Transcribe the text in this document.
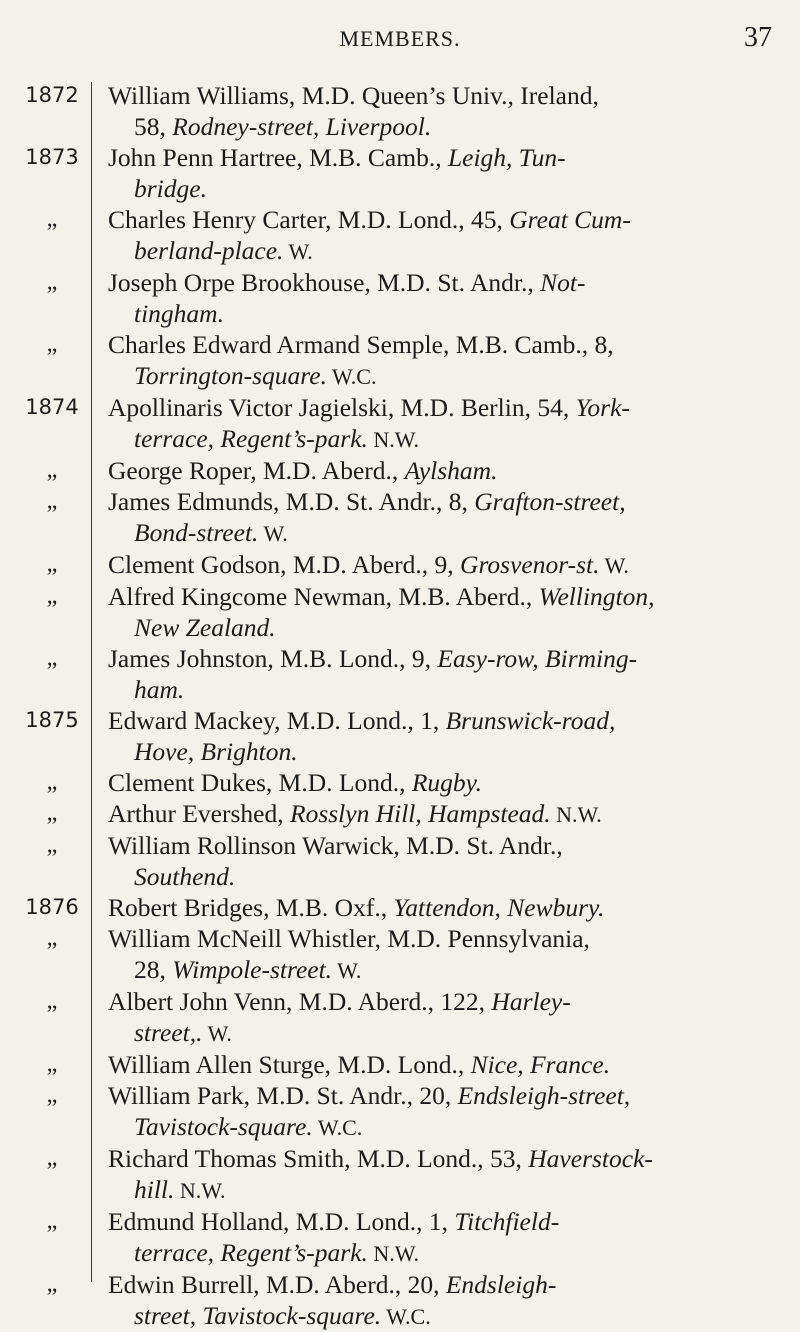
MEMBERS.	37
1872	William Williams, M.D. Queen’s Univ., Ireland,
58, Rodney-street, Liverpool.
1873	John Penn Hartree, M.B. Camb., Leigh, Tun-
bridge.
„	Charles Henry Carter, M.D. Lond., 45, Great Cum-
berland-place. W.
„	Joseph Orpe Brookhouse, M.D. St. Andr., Not-
tingham.
„	Charles Edward Armand Semple, M.B. Camb., 8,
Torrington-square. W.C.
1874	Apollinaris Victor Jagielski, M.D. Berlin, 54, York-
terrace, Regent’s-park. N.W.
„	George Roper, M.D. Aberd., Aylsham.
„	James Edmunds, M.D. St. Andr., 8, Grafton-street,
Bond-street. W.
„	Clement Godson, M.D. Aberd., 9, Grosvenor-st. W.
„	Alfred Kingcome Newman, M.B. Aberd., Wellington,
New Zealand.
„	James Johnston, M.B. Lond., 9, Easy-row, Birming-
ham.
1875	Edward Mackey, M.D. Lond., 1, Brunswick-road,
Hove, Brighton.
„	Clement Dukes, M.D. Lond., Rugby.
„	Arthur Evershed, Rosslyn Hill, Hampstead. N.W.
„	William Rollinson Warwick, M.D. St. Andr.,
Southend.
1876	Robert Bridges, M.B. Oxf., Yattendon, Newbury.
„	William McNeill Whistler, M.D. Pennsylvania,
28, Wimpole-street. W.
„	Albert John Venn, M.D. Aberd., 122, Harley-
street,. W.
„	William Allen Sturge, M.D. Lond., Nice, France.
„	William Park, M.D. St. Andr., 20, Endsleigh-street,
Tavistock-square. W.C.
„	Richard Thomas Smith, M.D. Lond., 53, Haverstock-
hill. N.W.
„	Edmund Holland, M.D. Lond., 1, Titchfield-
terrace, Regent’s-park. N.W.
„	Edwin Burrell, M.D. Aberd., 20, Endsleigh-
street, Tavistock-square. W.C.
